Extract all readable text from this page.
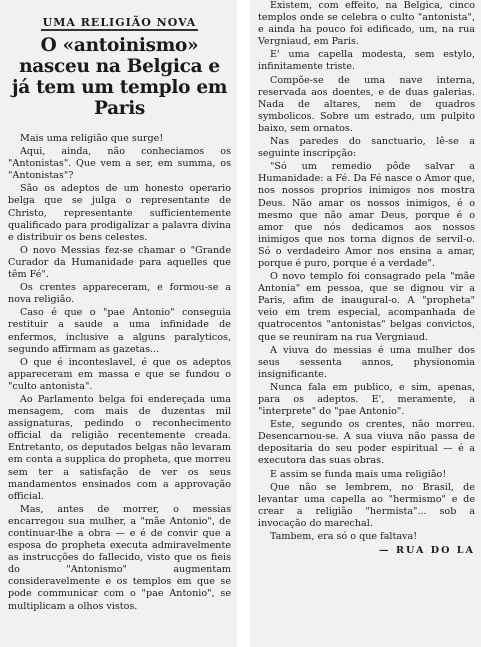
UMA RELIGIÃO NOVA
O «antoinismo» nasceu na Belgica e já tem um templo em Paris

Mais uma religião que surge!

Aqui, ainda, não conheciamos os "Antonistas". Que vem a ser, em summa, os "Antonistas"?

São os adeptos de um honesto operario belga que se julga o representante de Christo, representante sufficientemente qualificado para prodigalizar a palavra divina e distribuir os bens celestes.

O novo Messias fez-se chamar o "Grande Curador da Humanidade para aquelles que têm Fé".

Os crentes appareceram, e formou-se a nova religião.

Caso é que o "pae Antonio" conseguia restituir a saude a uma infinidade de enfermos, inclusive a alguns paralyticos, segundo affirmam as gazetas...

O que é inconteslavel, é que os adeptos appareceram em massa e que se fundou o "culto antonista".

Ao Parlamento belga foi endereçada uma mensagem, com mais de duzentas mil assignaturas, pedindo o reconhecimento official da religião recentemente creada. Entretanto, os deputados belgas não levaram em conta a supplica do propheta, que morreu sem ter a satisfação de ver os seus mandamentos ensinados com a approvação official.

Mas, antes de morrer, o messias encarregou sua mulher, a "mãe Antonio", de continuar-lhe a obra — e é de convir que a esposa do propheta executa admiravelmente as instrucções do fallecido, visto que os fieis do "Antonismo" augmentam consideravelmente e os templos em que se pode communicar com o "pae Antonio", se multiplicam a olhos vistos.

Existem, com effeito, na Belgica, cinco templos onde se celebra o culto "antonista", e ainda ha pouco foi edificado, um, na rua Vergniaud, em Paris.

E' uma capella modesta, sem estylo, infinitamente triste.

Compõe-se de uma nave interna, reservada aos doentes, e de duas galerias. Nada de altares, nem de quadros symbolicos. Sobre um estrado, um pulpito baixo, sem ornatos.

Nas paredes do sanctuario, lê-se a seguinte inscripção:

"Só um remedio pôde salvar a Humanidade: a Fé. Da Fé nasce o Amor que, nos nossos proprios inimigos nos mostra Deus. Não amar os nossos inimigos, é o mesmo que não amar Deus, porque é o amor que nós dedicamos aos nossos inimigos que nos torna dignos de servil-o. Só o verdadeiro Amor nos ensina a amar, porque é puro, porque é a verdade".

O novo templo foi consagrado pela "mãe Antonia" em pessoa, que se dignou vir a Paris, afim de inaugural-o. A "propheta" veio em trem especial, acompanhada de quatrocentos "antonistas" belgas convictos, que se reuniram na rua Vergniaud.

A viuva do messias é uma mulher dos seus sessenta annos, physionomia insignificante.

Nunca fala em publico, e sim, apenas, para os adeptos. E', meramente, a "interprete" do "pae Antonio".

Este, segundo os crentes, não morreu. Desencarnou-se. A sua viuva não passa de depositaria do seu poder espiritual — é a executora das suas obras.

E assim se funda mais uma religião!

Que não se lembrem, no Brasil, de levantar uma capella ao "hermismo" e de crear a religião "hermista"... sob a invocação do marechal.

Tambem, era só o que faltava!

— RUA DO LA
